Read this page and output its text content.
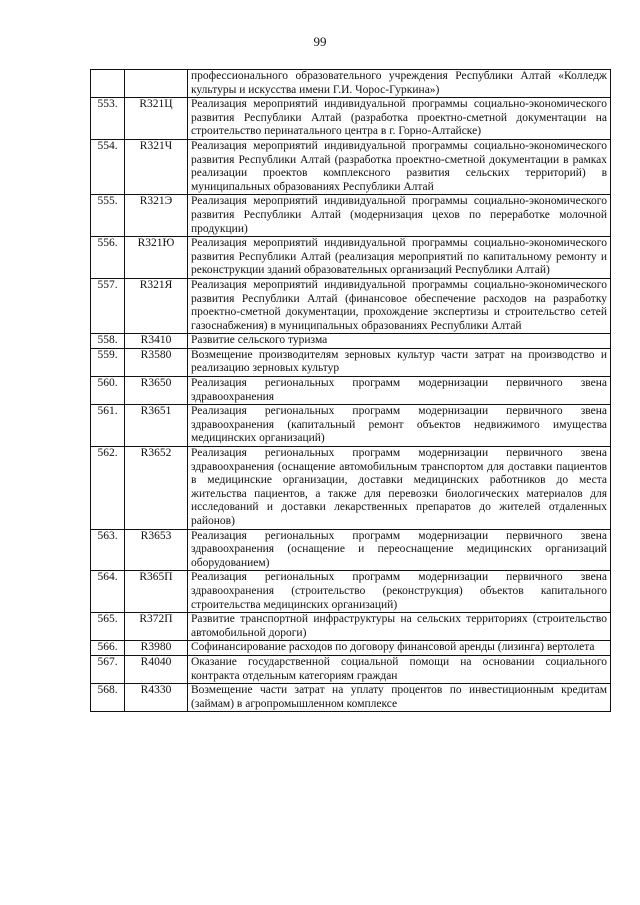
99
		профессионального образовательного учреждения Республики Алтай «Колледж культуры и искусства имени Г.И. Чорос-Гуркина»)
553.	R321Ц	Реализация мероприятий индивидуальной программы социально-экономического развития Республики Алтай (разработка проектно-сметной документации на строительство перинатального центра в г. Горно-Алтайске)
554.	R321Ч	Реализация мероприятий индивидуальной программы социально-экономического развития Республики Алтай (разработка проектно-сметной документации в рамках реализации проектов комплексного развития сельских территорий) в муниципальных образованиях Республики Алтай
555.	R321Э	Реализация мероприятий индивидуальной программы социально-экономического развития Республики Алтай (модернизация цехов по переработке молочной продукции)
556.	R321Ю	Реализация мероприятий индивидуальной программы социально-экономического развития Республики Алтай (реализация мероприятий по капитальному ремонту и реконструкции зданий образовательных организаций Республики Алтай)
557.	R321Я	Реализация мероприятий индивидуальной программы социально-экономического развития Республики Алтай (финансовое обеспечение расходов на разработку проектно-сметной документации, прохождение экспертизы и строительство сетей газоснабжения) в муниципальных образованиях Республики Алтай
558.	R3410	Развитие сельского туризма
559.	R3580	Возмещение производителям зерновых культур части затрат на производство и реализацию зерновых культур
560.	R3650	Реализация региональных программ модернизации первичного звена здравоохранения
561.	R3651	Реализация региональных программ модернизации первичного звена здравоохранения (капитальный ремонт объектов недвижимого имущества медицинских организаций)
562.	R3652	Реализация региональных программ модернизации первичного звена здравоохранения (оснащение автомобильным транспортом для доставки пациентов в медицинские организации, доставки медицинских работников до места жительства пациентов, а также для перевозки биологических материалов для исследований и доставки лекарственных препаратов до жителей отдаленных районов)
563.	R3653	Реализация региональных программ модернизации первичного звена здравоохранения (оснащение и переоснащение медицинских организаций оборудованием)
564.	R365П	Реализация региональных программ модернизации первичного звена здравоохранения (строительство (реконструкция) объектов капитального строительства медицинских организаций)
565.	R372П	Развитие транспортной инфраструктуры на сельских территориях (строительство автомобильной дороги)
566.	R3980	Софинансирование расходов по договору финансовой аренды (лизинга) вертолета
567.	R4040	Оказание государственной социальной помощи на основании социального контракта отдельным категориям граждан
568.	R4330	Возмещение части затрат на уплату процентов по инвестиционным кредитам (займам) в агропромышленном комплексе
